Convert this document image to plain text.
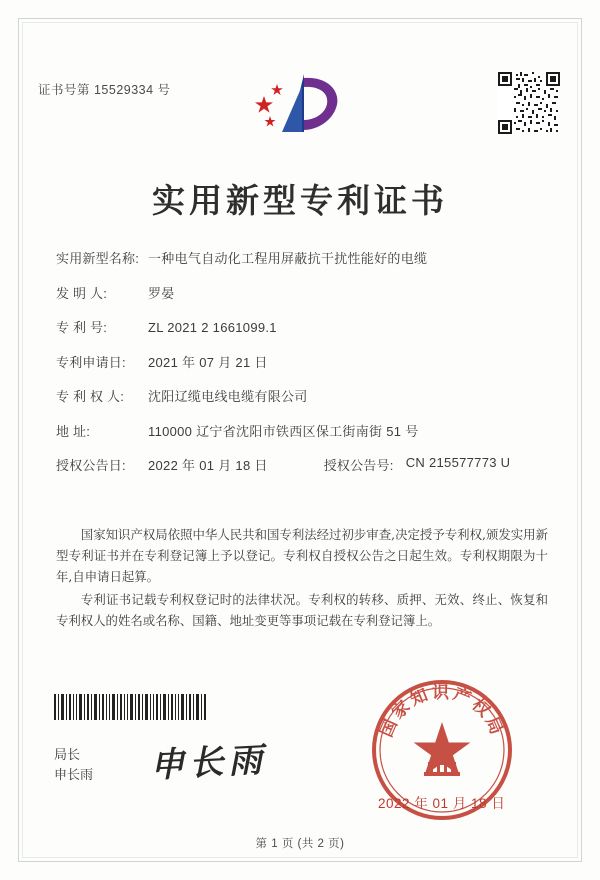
证书号第 15529334 号
实用新型专利证书
实用新型名称: 一种电气自动化工程用屏蔽抗干扰性能好的电缆
发 明 人:	罗晏
专 利 号:	ZL 2021 2 1661099.1
专利申请日:	2021 年 07 月 21 日
专 利 权 人:	沈阳辽缆电线电缆有限公司
地 址:	110000 辽宁省沈阳市铁西区保工街南街 51 号
授权公告日:	2022 年 01 月 18 日	授权公告号: CN 215577773 U

国家知识产权局依照中华人民共和国专利法经过初步审查,决定授予专利权,颁发实用新型专利证书并在专利登记簿上予以登记。专利权自授权公告之日起生效。专利权期限为十年,自申请日起算。

专利证书记载专利权登记时的法律状况。专利权的转移、质押、无效、终止、恢复和专利权人的姓名或名称、国籍、地址变更等事项记载在专利登记簿上。

局长
申长雨 申长雨
国家知识产权局
2022 年 01 月 18 日
第 1 页 (共 2 页)
